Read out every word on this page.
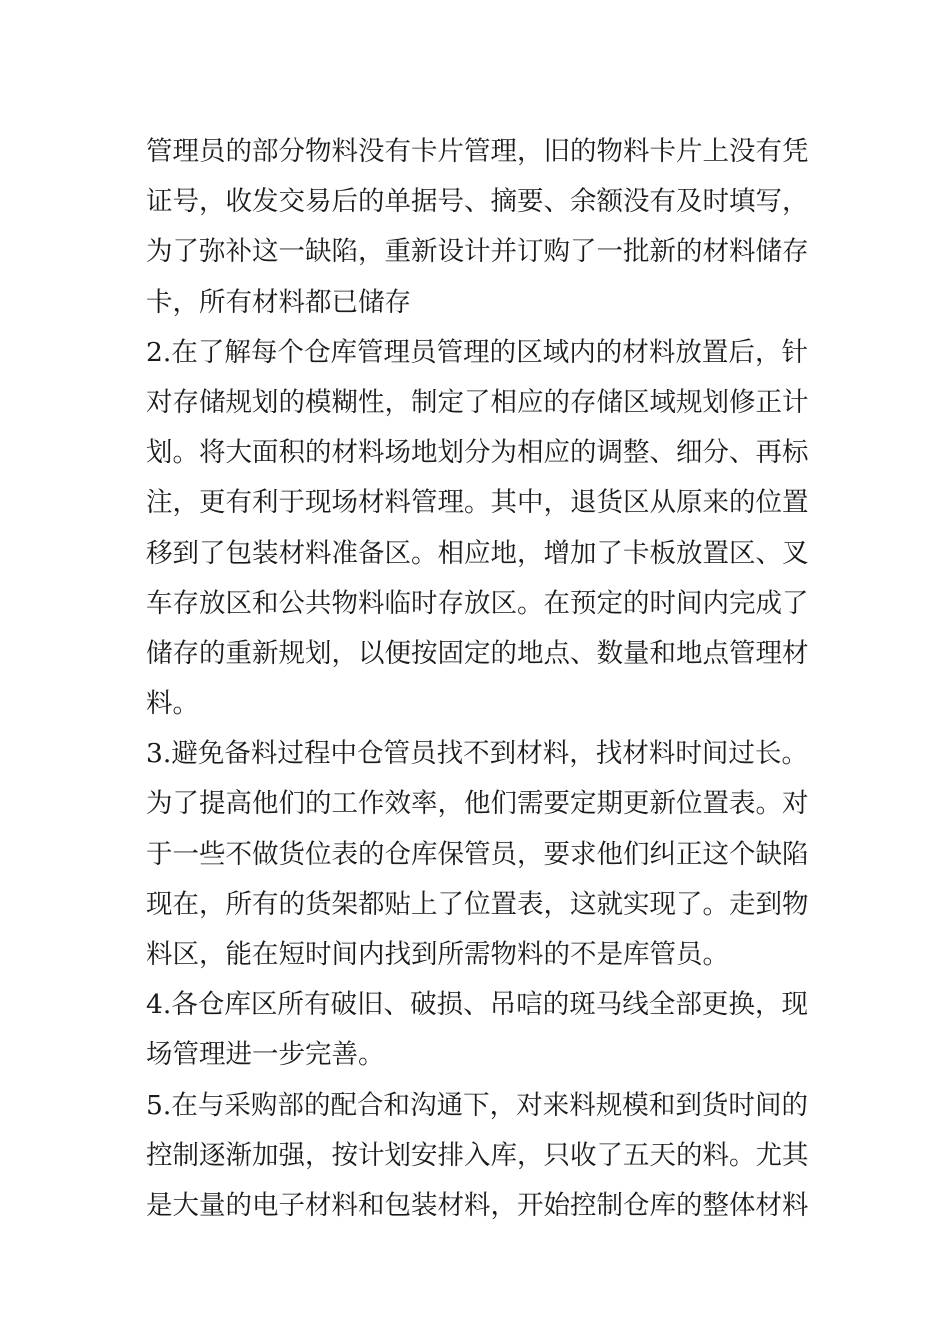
管理员的部分物料没有卡片管理，旧的物料卡片上没有凭
证号，收发交易后的单据号、摘要、余额没有及时填写，
为了弥补这一缺陷，重新设计并订购了一批新的材料储存
卡，所有材料都已储存
2.在了解每个仓库管理员管理的区域内的材料放置后，针
对存储规划的模糊性，制定了相应的存储区域规划修正计
划。将大面积的材料场地划分为相应的调整、细分、再标
注，更有利于现场材料管理。其中，退货区从原来的位置
移到了包装材料准备区。相应地，增加了卡板放置区、叉
车存放区和公共物料临时存放区。在预定的时间内完成了
储存的重新规划，以便按固定的地点、数量和地点管理材
料。
3.避免备料过程中仓管员找不到材料，找材料时间过长。
为了提高他们的工作效率，他们需要定期更新位置表。对
于一些不做货位表的仓库保管员，要求他们纠正这个缺陷
现在，所有的货架都贴上了位置表，这就实现了。走到物
料区，能在短时间内找到所需物料的不是库管员。
4.各仓库区所有破旧、破损、吊唁的斑马线全部更换，现
场管理进一步完善。
5.在与采购部的配合和沟通下，对来料规模和到货时间的
控制逐渐加强，按计划安排入库，只收了五天的料。尤其
是大量的电子材料和包装材料，开始控制仓库的整体材料
